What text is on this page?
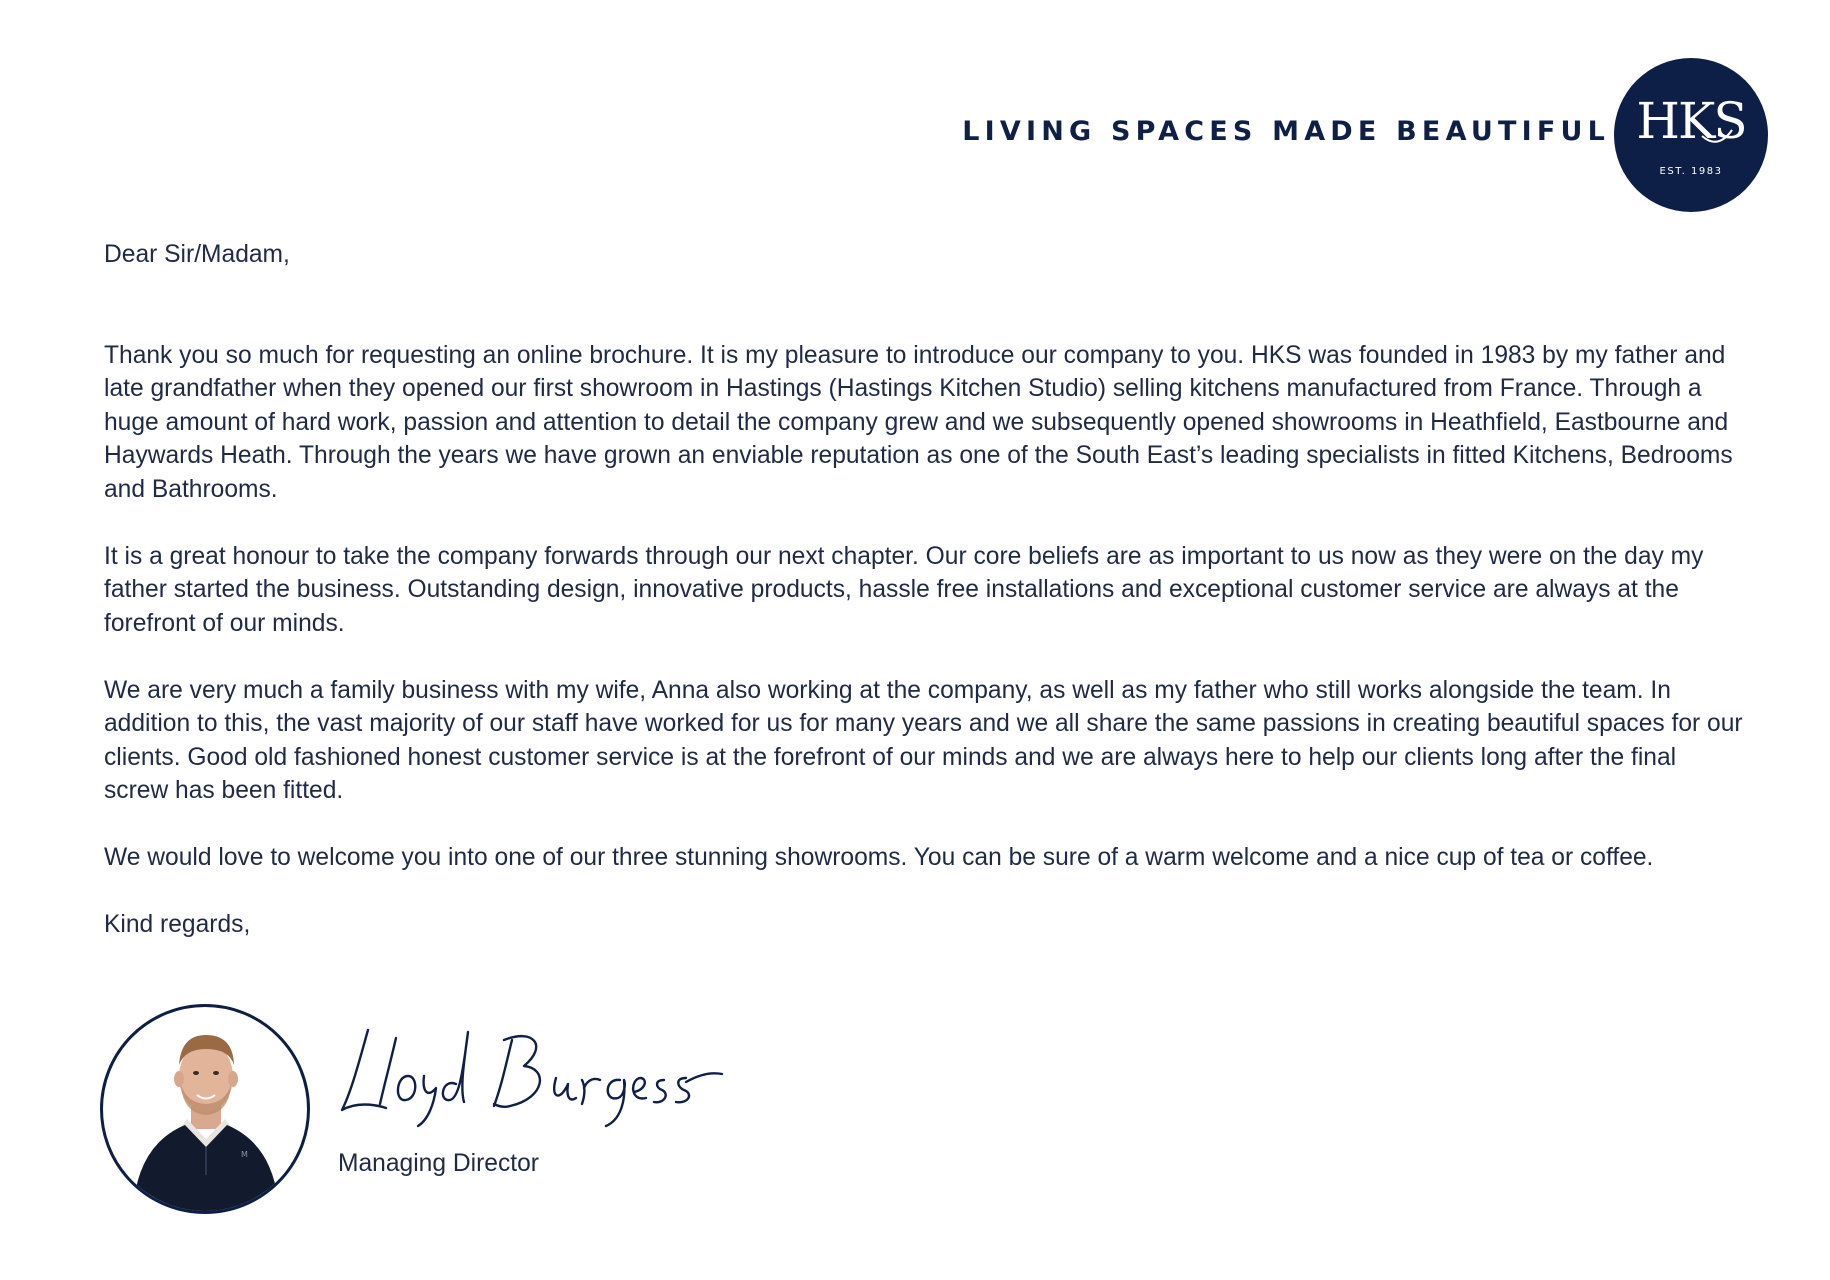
LIVING SPACES MADE BEAUTIFUL HKS
EST. 1983

Dear Sir/Madam,

Thank you so much for requesting an online brochure. It is my pleasure to introduce our company to you. HKS was founded in 1983 by my father and late grandfather when they opened our first showroom in Hastings (Hastings Kitchen Studio) selling kitchens manufactured from France. Through a huge amount of hard work, passion and attention to detail the company grew and we subsequently opened showrooms in Heathfield, Eastbourne and Haywards Heath. Through the years we have grown an enviable reputation as one of the South East’s leading specialists in fitted Kitchens, Bedrooms and Bathrooms.

It is a great honour to take the company forwards through our next chapter. Our core beliefs are as important to us now as they were on the day my father started the business. Outstanding design, innovative products, hassle free installations and exceptional customer service are always at the forefront of our minds.

We are very much a family business with my wife, Anna also working at the company, as well as my father who still works alongside the team. In addition to this, the vast majority of our staff have worked for us for many years and we all share the same passions in creating beautiful spaces for our clients. Good old fashioned honest customer service is at the forefront of our minds and we are always here to help our clients long after the final screw has been fitted.

We would love to welcome you into one of our three stunning showrooms. You can be sure of a warm welcome and a nice cup of tea or coffee.

Kind regards,

M	Managing Director
